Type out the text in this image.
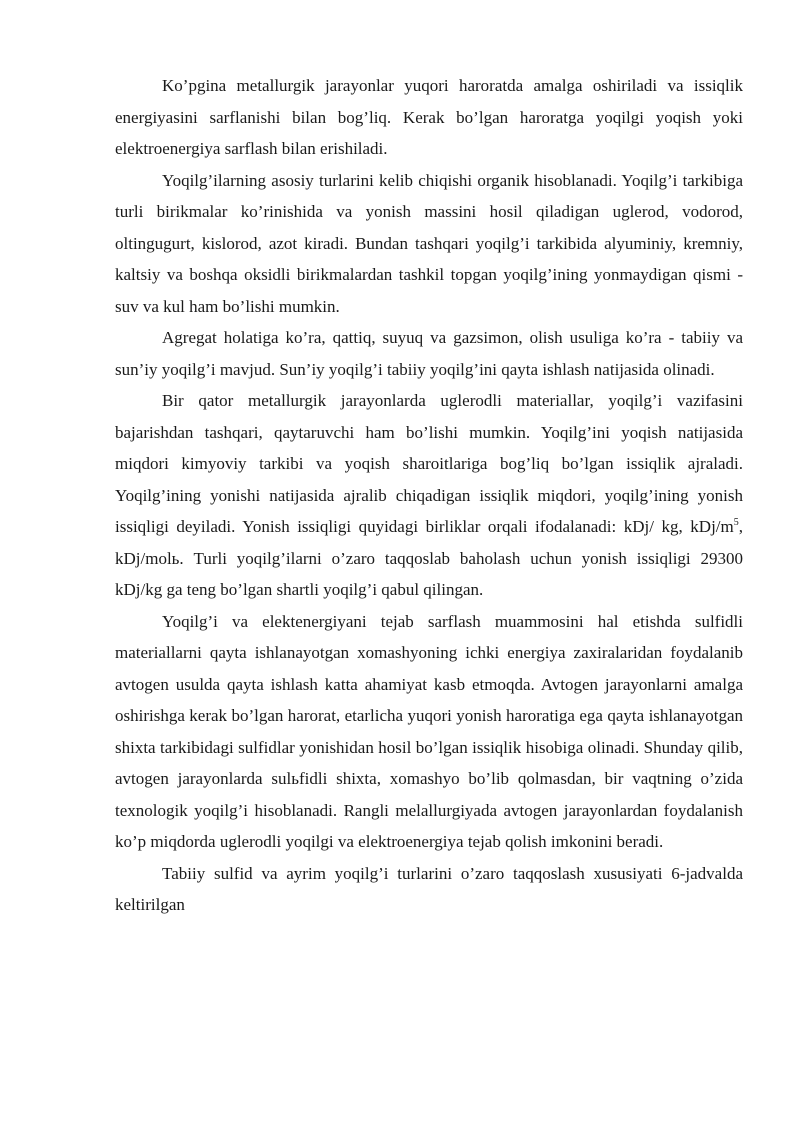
Ko’pgina metallurgik jarayonlar yuqori haroratda amalga oshiriladi va issiqlik energiyasini sarflanishi bilan bog’liq. Kerak bo’lgan haroratga yoqilgi yoqish yoki elektroenergiya sarflash bilan erishiladi.

Yoqilg’ilarning asosiy turlarini kelib chiqishi organik hisoblanadi. Yoqilg’i tarkibiga turli birikmalar ko’rinishida va yonish massini hosil qiladigan uglerod, vodorod, oltingugurt, kislorod, azot kiradi. Bundan tashqari yoqilg’i tarkibida alyuminiy, kremniy, kaltsiy va boshqa oksidli birikmalardan tashkil topgan yoqilg’ining yonmaydigan qismi - suv va kul ham bo’lishi mumkin.

Agregat holatiga ko’ra, qattiq, suyuq va gazsimon, olish usuliga ko’ra - tabiiy va sun’iy yoqilg’i mavjud. Sun’iy yoqilg’i tabiiy yoqilg’ini qayta ishlash natijasida olinadi.

Bir qator metallurgik jarayonlarda uglerodli materiallar, yoqilg’i vazifasini bajarishdan tashqari, qaytaruvchi ham bo’lishi mumkin. Yoqilg’ini yoqish natijasida miqdori kimyoviy tarkibi va yoqish sharoitlariga bog’liq bo’lgan issiqlik ajraladi. Yoqilg’ining yonishi natijasida ajralib chiqadigan issiqlik miqdori, yoqilg’ining yonish issiqligi deyiladi. Yonish issiqligi quyidagi birliklar orqali ifodalanadi: kDj/ kg, kDj/$m^5$, kDj/molь. Turli yoqilg’ilarni o’zaro taqqoslab baholash uchun yonish issiqligi 29300 kDj/kg ga teng bo’lgan shartli yoqilg’i qabul qilingan.

Yoqilg’i va elektenergiyani tejab sarflash muammosini hal etishda sulfidli materiallarni qayta ishlanayotgan xomashyoning ichki energiya zaxiralaridan foydalanib avtogen usulda qayta ishlash katta ahamiyat kasb etmoqda. Avtogen jarayonlarni amalga oshirishga kerak bo’lgan harorat, etarlicha yuqori yonish haroratiga ega qayta ishlanayotgan shixta tarkibidagi sulfidlar yonishidan hosil bo’lgan issiqlik hisobiga olinadi. Shunday qilib, avtogen jarayonlarda sulьfidli shixta, xomashyo bo’lib qolmasdan, bir vaqtning o’zida texnologik yoqilg’i hisoblanadi. Rangli melallurgiyada avtogen jarayonlardan foydalanish ko’p miqdorda uglerodli yoqilgi va elektroenergiya tejab qolish imkonini beradi.

Tabiiy sulfid va ayrim yoqilg’i turlarini o’zaro taqqoslash xususiyati 6-jadvalda keltirilgan
